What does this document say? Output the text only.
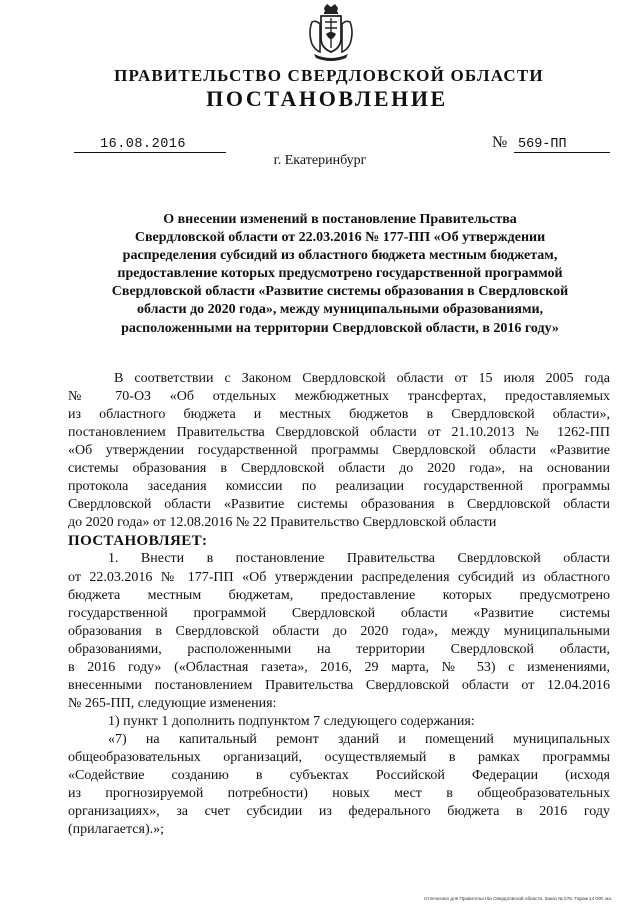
ПРАВИТЕЛЬСТВО СВЕРДЛОВСКОЙ ОБЛАСТИ
ПОСТАНОВЛЕНИЕ
16.08.2016	№ 569-ПП
г. Екатеринбург
О внесении изменений в постановление Правительства
Свердловской области от 22.03.2016 № 177-ПП «Об утверждении
распределения субсидий из областного бюджета местным бюджетам,
предоставление которых предусмотрено государственной программой
Свердловской области «Развитие системы образования в Свердловской
области до 2020 года», между муниципальными образованиями,
расположенными на территории Свердловской области, в 2016 году»
В соответствии с Законом Свердловской области от 15 июля 2005 года
№ 70-ОЗ «Об отдельных межбюджетных трансфертах, предоставляемых
из областного бюджета и местных бюджетов в Свердловской области»,
постановлением Правительства Свердловской области от 21.10.2013 № 1262-ПП
«Об утверждении государственной программы Свердловской области «Развитие
системы образования в Свердловской области до 2020 года», на основании
протокола заседания комиссии по реализации государственной программы
Свердловской области «Развитие системы образования в Свердловской области
до 2020 года» от 12.08.2016 № 22 Правительство Свердловской области
ПОСТАНОВЛЯЕТ:
1. Внести в постановление Правительства Свердловской области
от 22.03.2016 № 177-ПП «Об утверждении распределения субсидий из областного
бюджета местным бюджетам, предоставление которых предусмотрено
государственной программой Свердловской области «Развитие системы
образования в Свердловской области до 2020 года», между муниципальными
образованиями, расположенными на территории Свердловской области,
в 2016 году» («Областная газета», 2016, 29 марта, № 53) с изменениями,
внесенными постановлением Правительства Свердловской области от 12.04.2016
№ 265-ПП, следующие изменения:
1) пункт 1 дополнить подпунктом 7 следующего содержания:
«7) на капитальный ремонт зданий и помещений муниципальных
общеобразовательных организаций, осуществляемый в рамках программы
«Содействие созданию в субъектах Российской Федерации (исходя
из прогнозируемой потребности) новых мест в общеобразовательных
организациях», за счет субсидии из федерального бюджета в 2016 году
(прилагается).»;
Отпечатано для Правительства Свердловской области. Заказ № 575. Тираж 14 000 экз.
